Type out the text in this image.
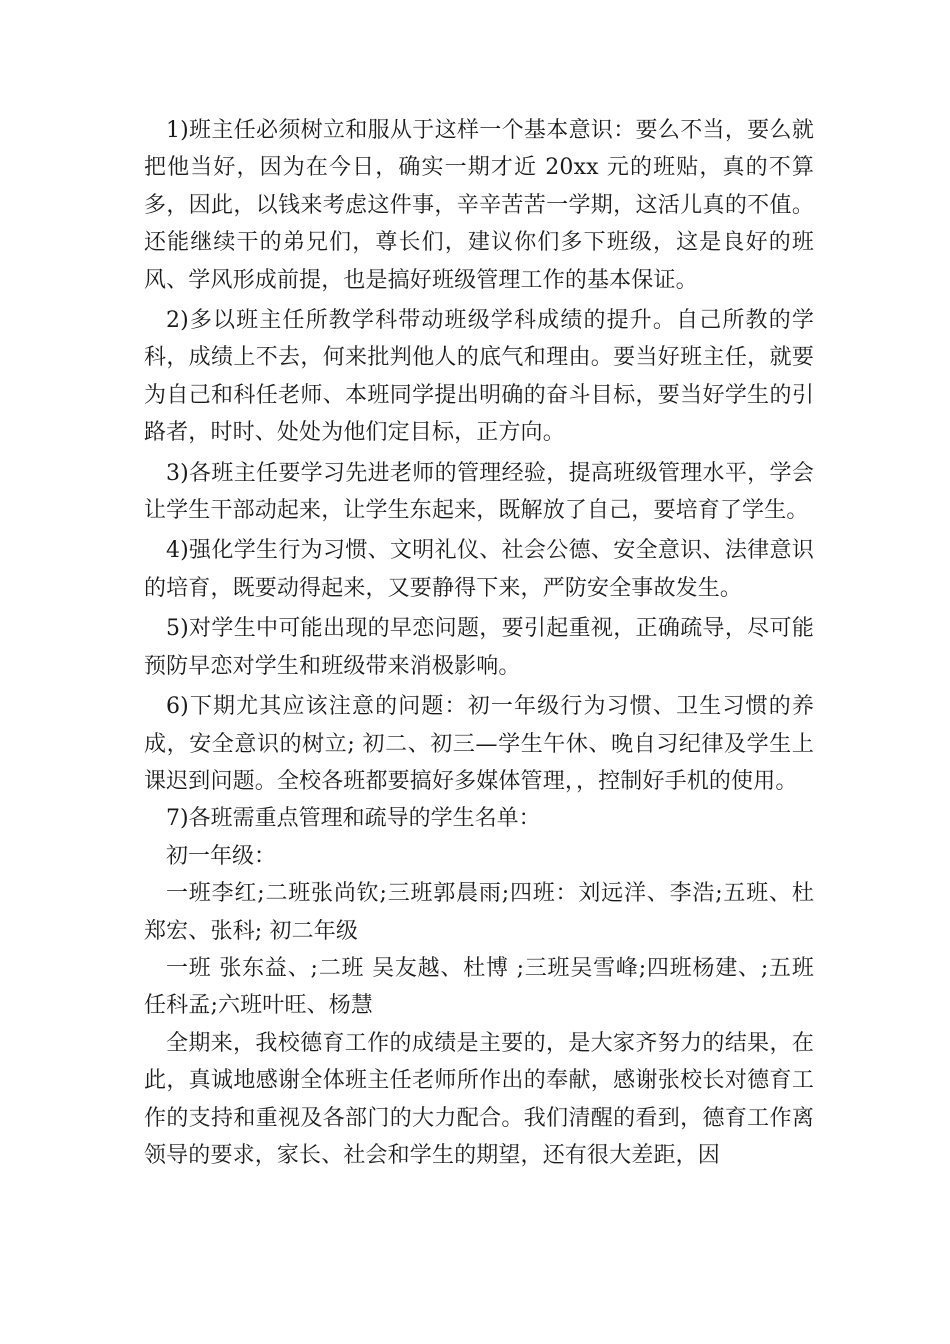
1)班主任必须树立和服从于这样一个基本意识：要么不当，要么就把他当好，因为在今日，确实一期才近 20xx 元的班贴，真的不算多，因此，以钱来考虑这件事，辛辛苦苦一学期，这活儿真的不值。还能继续干的弟兄们，尊长们，建议你们多下班级，这是良好的班风、学风形成前提，也是搞好班级管理工作的基本保证。

2)多以班主任所教学科带动班级学科成绩的提升。自己所教的学科，成绩上不去，何来批判他人的底气和理由。要当好班主任，就要为自己和科任老师、本班同学提出明确的奋斗目标，要当好学生的引路者，时时、处处为他们定目标，正方向。

3)各班主任要学习先进老师的管理经验，提高班级管理水平，学会让学生干部动起来，让学生东起来，既解放了自己，要培育了学生。

4)强化学生行为习惯、文明礼仪、社会公德、安全意识、法律意识的培育，既要动得起来，又要静得下来，严防安全事故发生。

5)对学生中可能出现的早恋问题，要引起重视，正确疏导，尽可能预防早恋对学生和班级带来消极影响。

6)下期尤其应该注意的问题：初一年级行为习惯、卫生习惯的养成，安全意识的树立; 初二、初三—学生午休、晚自习纪律及学生上课迟到问题。全校各班都要搞好多媒体管理，，控制好手机的使用。

7)各班需重点管理和疏导的学生名单：

初一年级：

一班李红;二班张尚钦;三班郭晨雨;四班：刘远洋、李浩;五班、杜郑宏、张科; 初二年级

一班 张东益、;二班 吴友越、杜博 ;三班吴雪峰;四班杨建、;五班任科孟;六班叶旺、杨慧

全期来，我校德育工作的成绩是主要的，是大家齐努力的结果，在此，真诚地感谢全体班主任老师所作出的奉献，感谢张校长对德育工作的支持和重视及各部门的大力配合。我们清醒的看到，德育工作离领导的要求，家长、社会和学生的期望，还有很大差距，因
